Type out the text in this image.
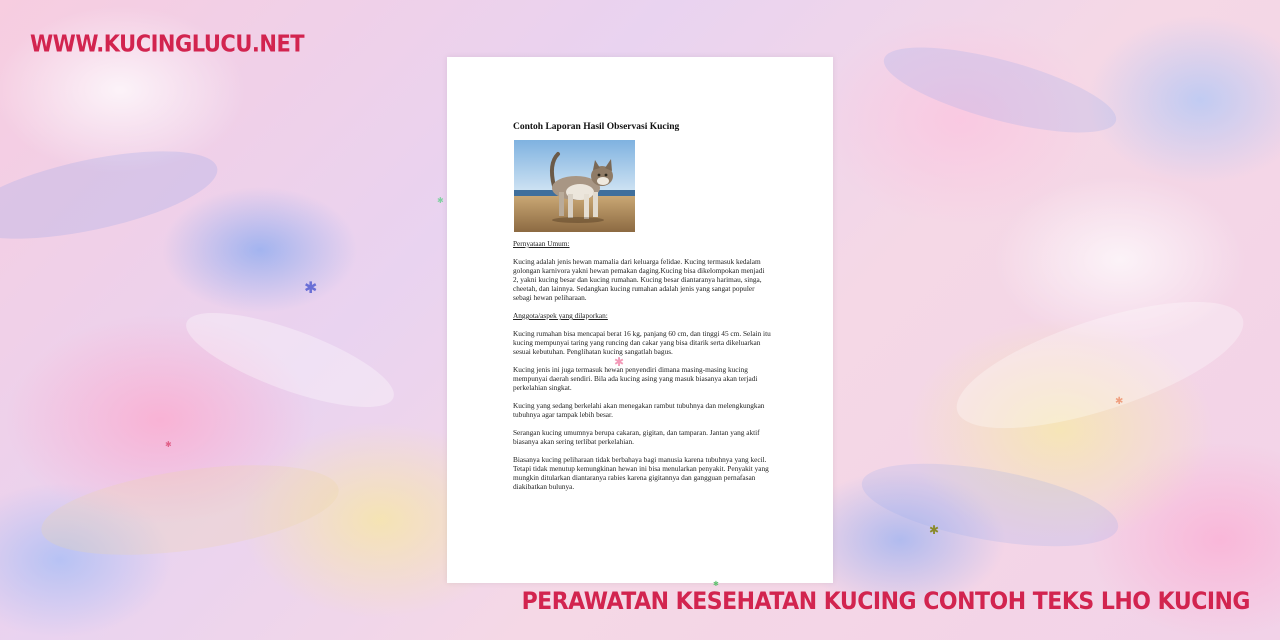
WWW.KUCINGLUCU.NET
Contoh Laporan Hasil Observasi Kucing

Pernyataan Umum:

Kucing adalah jenis hewan mamalia dari keluarga felidae. Kucing termasuk kedalam golongan karnivora yakni hewan pemakan daging.Kucing bisa dikelompokan menjadi 2, yakni kucing besar dan kucing rumahan. Kucing besar diantaranya harimau, singa, cheetah, dan lainnya. Sedangkan kucing rumahan adalah jenis yang sangat populer sebagi hewan peliharaan.

Anggota/aspek yang dilaporkan:

Kucing rumahan bisa mencapai berat 16 kg, panjang 60 cm, dan tinggi 45 cm. Selain itu kucing mempunyai taring yang runcing dan cakar yang bisa ditarik serta dikeluarkan sesuai kebutuhan. Penglihatan kucing sangatlah bagus.

Kucing jenis ini juga termasuk hewan penyendiri dimana masing-masing kucing mempunyai daerah sendiri. Bila ada kucing asing yang masuk biasanya akan terjadi perkelahian singkat.

Kucing yang sedang berkelahi akan menegakan rambut tubuhnya dan melengkungkan tubuhnya agar tampak lebih besar.

Serangan kucing umumnya berupa cakaran, gigitan, dan tamparan. Jantan yang aktif biasanya akan sering terlibat perkelahian.

Biasanya kucing peliharaan tidak berbahaya bagi manusia karena tubuhnya yang kecil. Tetapi tidak menutup kemungkinan hewan ini bisa menularkan penyakit. Penyakit yang mungkin ditularkan diantaranya rabies karena gigitannya dan gangguan pernafasan diakibatkan bulunya.

✱
✱
✱
✱
✱
✱
✱
PERAWATAN KESEHATAN KUCING CONTOH TEKS LHO KUCING
